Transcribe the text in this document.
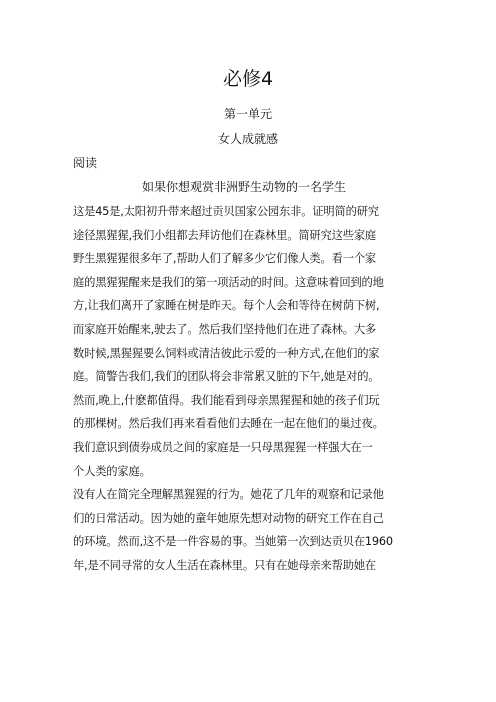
必修4
第一单元
女人成就感
阅读
如果你想观赏非洲野生动物的一名学生
这是45是,太阳初升带来超过贡贝国家公园东非。证明简的研究
途径黑猩猩,我们小组都去拜访他们在森林里。简研究这些家庭
野生黑猩猩很多年了,帮助人们了解多少它们像人类。看一个家
庭的黑猩猩醒来是我们的第一项活动的时间。这意味着回到的地
方,让我们离开了家睡在树是昨天。每个人会和等待在树荫下树,
而家庭开始醒来,驶去了。然后我们坚持他们在进了森林。大多
数时候,黑猩猩要么饲料或清洁彼此示爱的一种方式,在他们的家
庭。简警告我们,我们的团队将会非常累又脏的下午,她是对的。
然而,晚上,什麽都值得。我们能看到母亲黑猩猩和她的孩子们玩
的那棵树。然后我们再来看看他们去睡在一起在他们的巢过夜。
我们意识到债券成员之间的家庭是一只母黑猩猩一样强大在一
个人类的家庭。
没有人在简完全理解黑猩猩的行为。她花了几年的观察和记录他
们的日常活动。因为她的童年她原先想对动物的研究工作在自己
的环境。然而,这不是一件容易的事。当她第一次到达贡贝在1960
年,是不同寻常的女人生活在森林里。只有在她母亲来帮助她在
